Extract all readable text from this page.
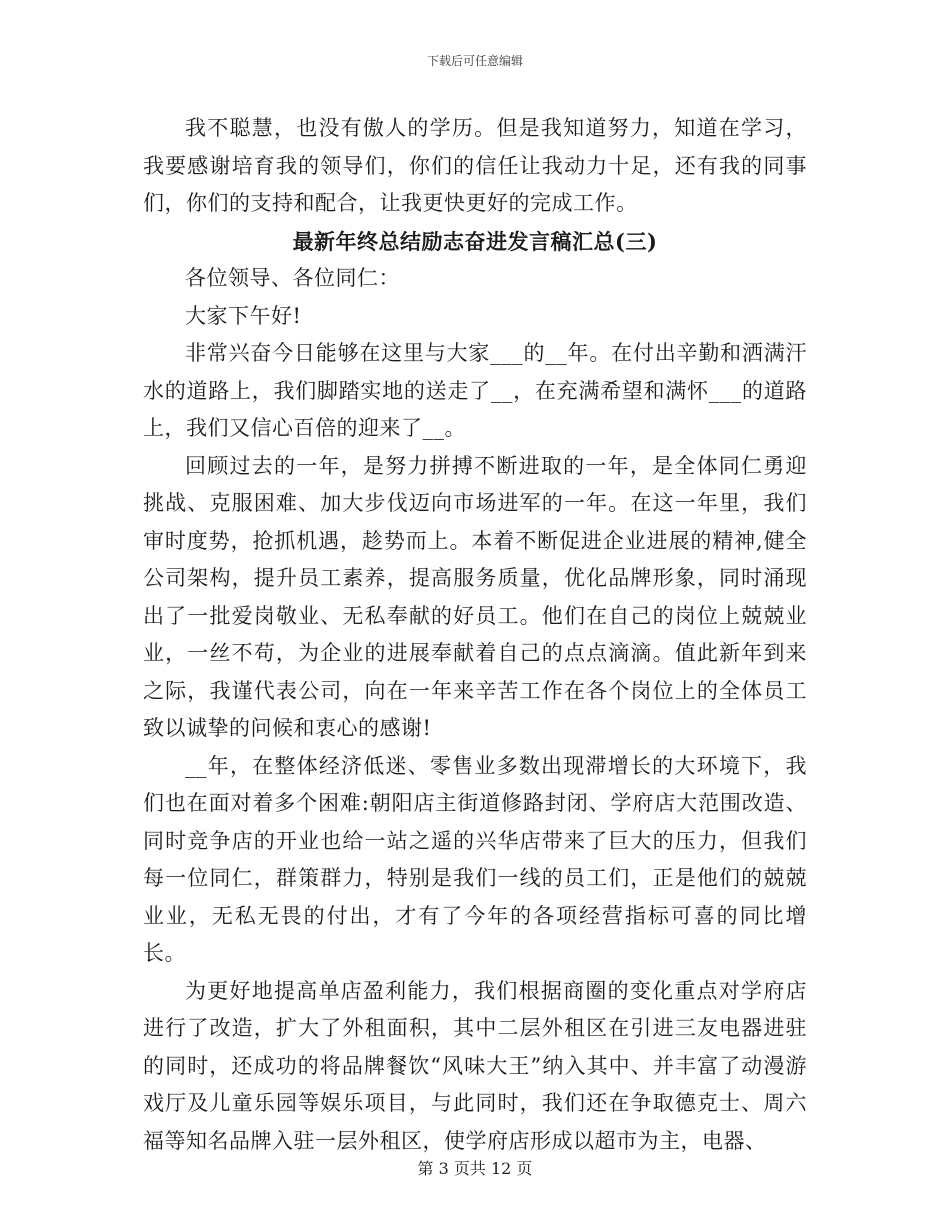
下载后可任意编辑

我不聪慧，也没有傲人的学历。但是我知道努力，知道在学习，我要感谢培育我的领导们，你们的信任让我动力十足，还有我的同事们，你们的支持和配合，让我更快更好的完成工作。

最新年终总结励志奋进发言稿汇总(三)

各位领导、各位同仁：

大家下午好!

非常兴奋今日能够在这里与大家___的__年。在付出辛勤和洒满汗水的道路上，我们脚踏实地的送走了__，在充满希望和满怀___的道路上，我们又信心百倍的迎来了__。

回顾过去的一年，是努力拼搏不断进取的一年，是全体同仁勇迎挑战、克服困难、加大步伐迈向市场进军的一年。在这一年里，我们审时度势，抢抓机遇，趁势而上。本着不断促进企业进展的精神,健全公司架构，提升员工素养，提高服务质量，优化品牌形象，同时涌现出了一批爱岗敬业、无私奉献的好员工。他们在自己的岗位上兢兢业业，一丝不苟，为企业的进展奉献着自己的点点滴滴。值此新年到来之际，我谨代表公司，向在一年来辛苦工作在各个岗位上的全体员工致以诚挚的问候和衷心的感谢!

__年，在整体经济低迷、零售业多数出现滞增长的大环境下，我们也在面对着多个困难:朝阳店主街道修路封闭、学府店大范围改造、同时竞争店的开业也给一站之遥的兴华店带来了巨大的压力，但我们每一位同仁，群策群力，特别是我们一线的员工们，正是他们的兢兢业业，无私无畏的付出，才有了今年的各项经营指标可喜的同比增长。

为更好地提高单店盈利能力，我们根据商圈的变化重点对学府店进行了改造，扩大了外租面积，其中二层外租区在引进三友电器进驻的同时，还成功的将品牌餐饮“风味大王”纳入其中、并丰富了动漫游戏厅及儿童乐园等娱乐项目，与此同时，我们还在争取德克士、周六福等知名品牌入驻一层外租区，使学府店形成以超市为主，电器、

第 3 页共 12 页
